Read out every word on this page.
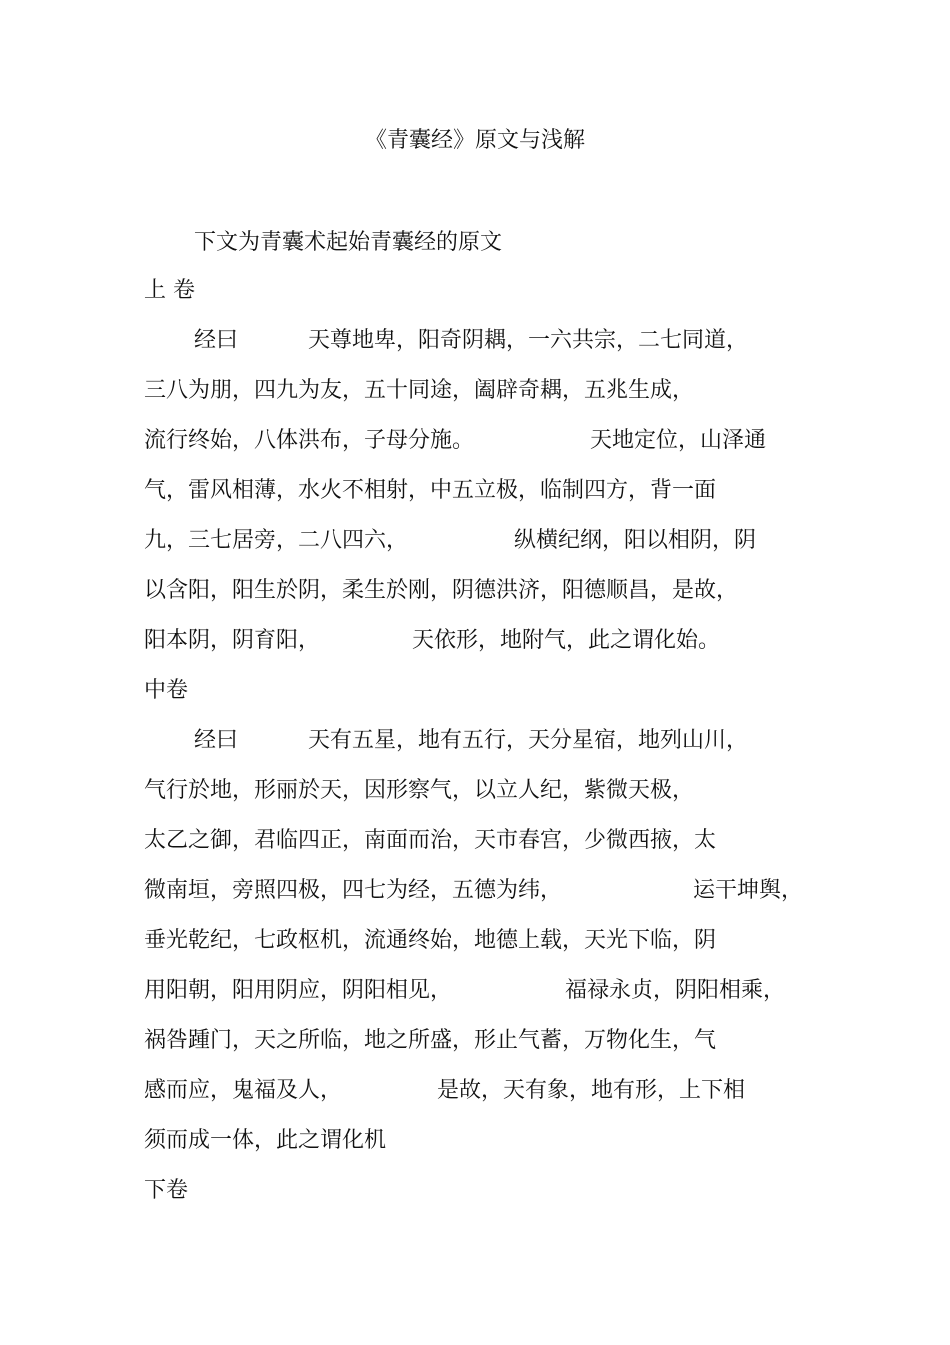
《青囊经》原文与浅解
下文为青囊术起始青囊经的原文
上 卷
经曰	天尊地卑，阳奇阴耦，一六共宗，二七同道，
三八为朋，四九为友，五十同途，阖辟奇耦，五兆生成，
流行终始，八体洪布，子母分施。	天地定位，山泽通
气，雷风相薄，水火不相射，中五立极，临制四方，背一面
九，三七居旁，二八四六，	纵横纪纲，阳以相阴，阴
以含阳，阳生於阴，柔生於刚，阴德洪济，阳德顺昌，是故，
阳本阴，阴育阳，	天依形，地附气，此之谓化始。
中卷
经曰	天有五星，地有五行，天分星宿，地列山川，
气行於地，形丽於天，因形察气，以立人纪，紫微天极，
太乙之御，君临四正，南面而治，天市春宫，少微西掖，太
微南垣，旁照四极，四七为经，五德为纬，	运干坤舆，
垂光乾纪，七政枢机，流通终始，地德上载，天光下临，阴
用阳朝，阳用阴应，阴阳相见，	福禄永贞，阴阳相乘，
祸咎踵门，天之所临，地之所盛，形止气蓄，万物化生，气
感而应，鬼福及人，	是故，天有象，地有形，上下相
须而成一体，此之谓化机
下卷
